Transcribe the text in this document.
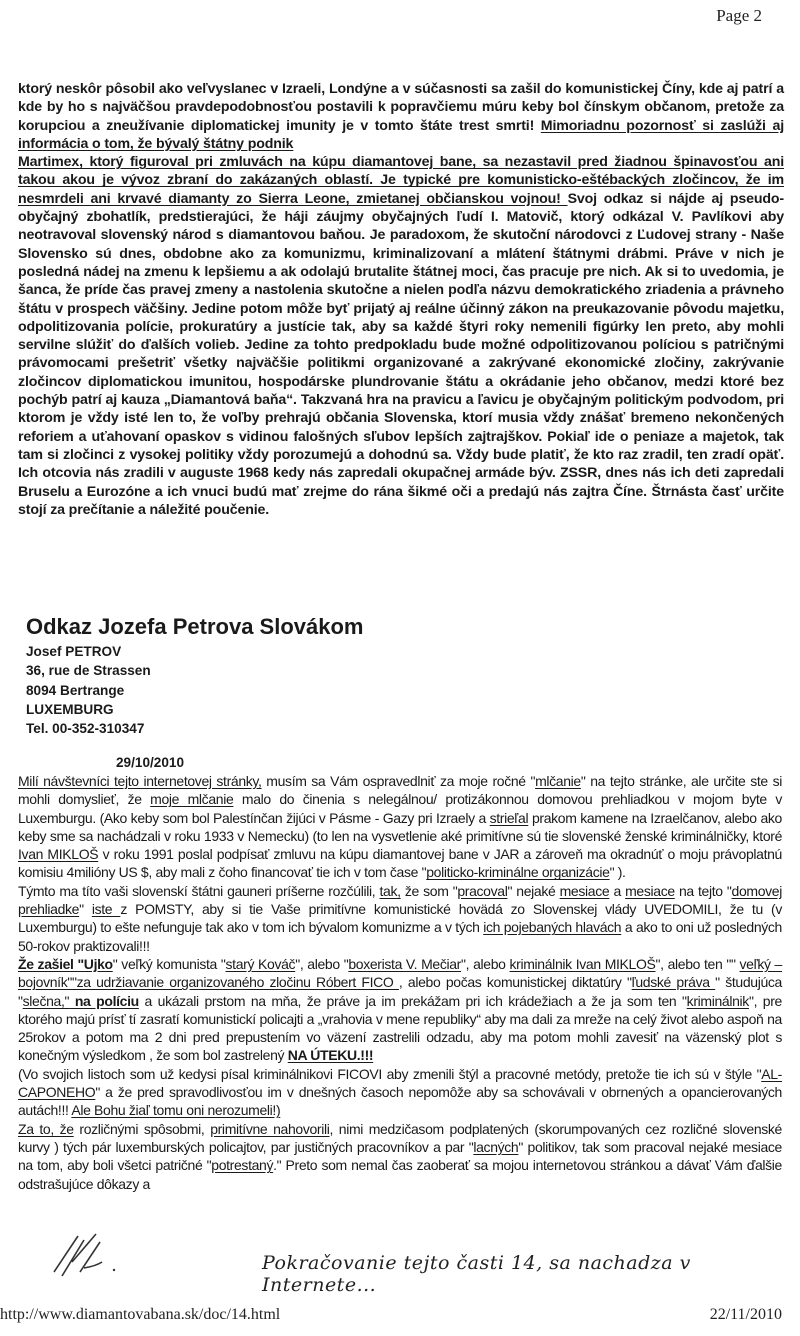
Page 2
ktorý neskôr pôsobil ako veľvyslanec v Izraeli, Londýne a v súčasnosti sa zašil do komunistickej Číny, kde aj patrí a kde by ho s najväčšou pravdepodobnosťou postavili k popravčiemu múru keby bol čínskym občanom, pretože za korupciou a zneužívanie diplomatickej imunity je v tomto štáte trest smrti! Mimoriadnu pozornosť si zaslúži aj informácia o tom, že bývalý štátny podnik
Martimex, ktorý figuroval pri zmluvách na kúpu diamantovej bane, sa nezastavil pred žiadnou špinavosťou ani takou akou je vývoz zbraní do zakázaných oblastí. Je typické pre komunisticko-eštébackých zločincov, že im nesmrdeli ani krvavé diamanty zo Sierra Leone, zmietanej občianskou vojnou! Svoj odkaz si nájde aj pseudo-obyčajný zbohatlík, predstierajúci, že háji záujmy obyčajných ľudí I. Matovič, ktorý odkázal V. Pavlíkovi aby neotravoval slovenský národ s diamantovou baňou. Je paradoxom, že skutoční národovci z Ľudovej strany - Naše Slovensko sú dnes, obdobne ako za komunizmu, kriminalizovaní a mlátení štátnymi drábmi. Práve v nich je posledná nádej na zmenu k lepšiemu a ak odolajú brutalite štátnej moci, čas pracuje pre nich. Ak si to uvedomia, je šanca, že príde čas pravej zmeny a nastolenia skutočne a nielen podľa názvu demokratického zriadenia a právneho štátu v prospech väčšiny. Jedine potom môže byť prijatý aj reálne účinný zákon na preukazovanie pôvodu majetku, odpolitizovania polície, prokuratúry a justície tak, aby sa každé štyri roky nemenili figúrky len preto, aby mohli servilne slúžiť do ďalších volieb. Jedine za tohto predpokladu bude možné odpolitizovanou políciou s patričnými právomocami prešetriť všetky najväčšie politikmi organizované a zakrývané ekonomické zločiny, zakrývanie zločincov diplomatickou imunitou, hospodárske plundrovanie štátu a okrádanie jeho občanov, medzi ktoré bez pochýb patrí aj kauza „Diamantová baňa“. Takzvaná hra na pravicu a ľavicu je obyčajným politickým podvodom, pri ktorom je vždy isté len to, že voľby prehrajú občania Slovenska, ktorí musia vždy znášať bremeno nekončených reforiem a uťahovaní opaskov s vidinou falošných sľubov lepších zajtrajškov. Pokiaľ ide o peniaze a majetok, tak tam si zločinci z vysokej politiky vždy porozumejú a dohodnú sa. Vždy bude platiť, že kto raz zradil, ten zradí opäť. Ich otcovia nás zradili v auguste 1968 kedy nás zapredali okupačnej armáde býv. ZSSR, dnes nás ich deti zapredali Bruselu a Eurozóne a ich vnuci budú mať zrejme do rána šikmé oči a predajú nás zajtra Číne. Štrnásta časť určite stojí za prečítanie a náležité poučenie.
Odkaz Jozefa Petrova Slovákom
Josef PETROV
36, rue de Strassen
8094 Bertrange
LUXEMBURG
Tel. 00-352-310347
29/10/2010
Milí návštevníci tejto internetovej stránky, musím sa Vám ospravedlniť za moje ročné "mlčanie" na tejto stránke, ale určite ste si mohli domyslieť, že moje mlčanie malo do činenia s nelegálnou/ protizákonnou domovou prehliadkou v mojom byte v Luxemburgu. (Ako keby som bol Palestínčan žijúci v Pásme - Gazy pri Izraely a strieľal prakom kamene na Izraelčanov, alebo ako keby sme sa nachádzali v roku 1933 v Nemecku) (to len na vysvetlenie aké primitívne sú tie slovenské ženské kriminálničky, ktoré Ivan MIKLOŠ v roku 1991 poslal podpísať zmluvu na kúpu diamantovej bane v JAR a zároveň ma okradnúť o moju právoplatnú komisiu 4milióny US $, aby mali z čoho financovať tie ich v tom čase "politicko-kriminálne organizácie" ).
Týmto ma títo vaši slovenskí štátni gauneri príšerne rozčúlili, tak, že som "pracoval" nejaké mesiace a mesiace na tejto "domovej prehliadke" iste z POMSTY, aby si tie Vaše primitívne komunistické hovädá zo Slovenskej vlády UVEDOMILI, že tu (v Luxemburgu) to ešte nefunguje tak ako v tom ich bývalom komunizme a v tých ich pojebaných hlavách a ako to oni už posledných 50-rokov praktizovali!!!
Že zašiel "Ujko" veľký komunista "starý Kováč", alebo "boxerista V. Mečiar", alebo kriminálnik Ivan MIKLOŠ", alebo ten "" veľký – bojovník""za udržiavanie organizovaného zločinu Róbert FICO , alebo počas komunistickej diktatúry "ľudské práva " študujúca "slečna," na políciu a ukázali prstom na mňa, že práve ja im prekážam pri ich krádežiach a že ja som ten "kriminálnik", pre ktorého majú prísť tí zasratí komunistickí policajti a „vrahovia v mene republiky“ aby ma dali za mreže na celý život alebo aspoň na 25rokov a potom ma 2 dni pred prepustením vo väzení zastrelili odzadu, aby ma potom mohli zavesiť na väzenský plot s konečným výsledkom , že som bol zastrelený NA ÚTEKU.!!!
(Vo svojich listoch som už kedysi písal kriminálnikovi FICOVI aby zmenili štýl a pracovné metódy, pretože tie ich sú v štýle "AL-CAPONEHO" a že pred spravodlivosťou im v dnešných časoch nepomôže aby sa schovávali v obrnených a opancierovaných autách!!! Ale Bohu žiaľ tomu oni nerozumeli!)
Za to, že rozličnými spôsobmi, primitívne nahovorili, nimi medzičasom podplatených (skorumpovaných cez rozličné slovenské kurvy ) tých pár luxemburských policajtov, par justičných pracovníkov a par "lacných" politikov, tak som pracoval nejaké mesiace na tom, aby boli všetci patričné "potrestaný." Preto som nemal čas zaoberať sa mojou internetovou stránkou a dávať Vám ďalšie odstrašujúce dôkazy a
Pokračovanie tejto časti 14, sa nachadza v Internete...
http://www.diamantovabana.sk/doc/14.html	22/11/2010
